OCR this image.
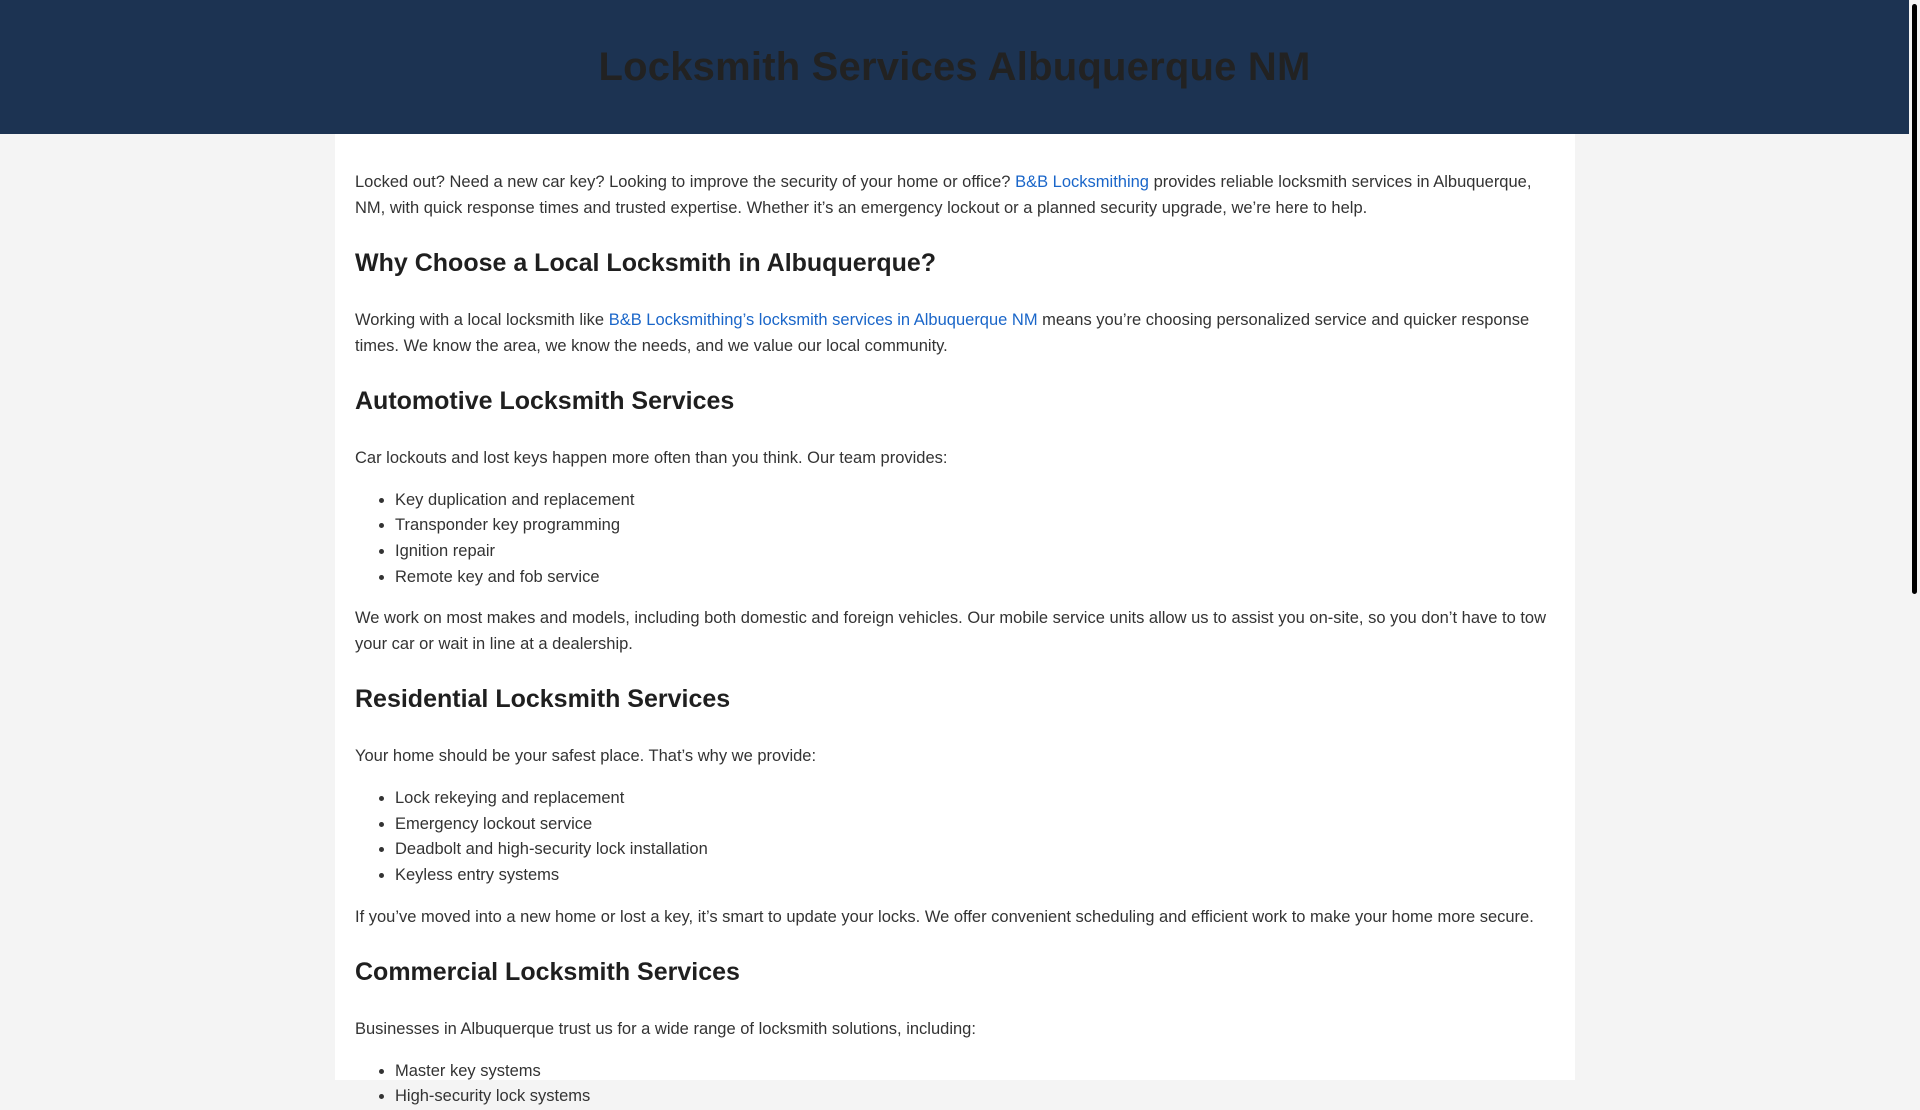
Locksmith Services Albuquerque NM

Locked out? Need a new car key? Looking to improve the security of your home or office? B&B Locksmithing provides reliable locksmith services in Albuquerque, NM, with quick response times and trusted expertise. Whether it’s an emergency lockout or a planned security upgrade, we’re here to help.

Why Choose a Local Locksmith in Albuquerque?

Working with a local locksmith like B&B Locksmithing’s locksmith services in Albuquerque NM means you’re choosing personalized service and quicker response times. We know the area, we know the needs, and we value our local community.

Automotive Locksmith Services

Car lockouts and lost keys happen more often than you think. Our team provides:

• Key duplication and replacement
• Transponder key programming
• Ignition repair
• Remote key and fob service

We work on most makes and models, including both domestic and foreign vehicles. Our mobile service units allow us to assist you on-site, so you don’t have to tow your car or wait in line at a dealership.

Residential Locksmith Services

Your home should be your safest place. That’s why we provide:

• Lock rekeying and replacement
• Emergency lockout service
• Deadbolt and high-security lock installation
• Keyless entry systems

If you’ve moved into a new home or lost a key, it’s smart to update your locks. We offer convenient scheduling and efficient work to make your home more secure.

Commercial Locksmith Services

Businesses in Albuquerque trust us for a wide range of locksmith solutions, including:

• Master key systems
• High-security lock systems
